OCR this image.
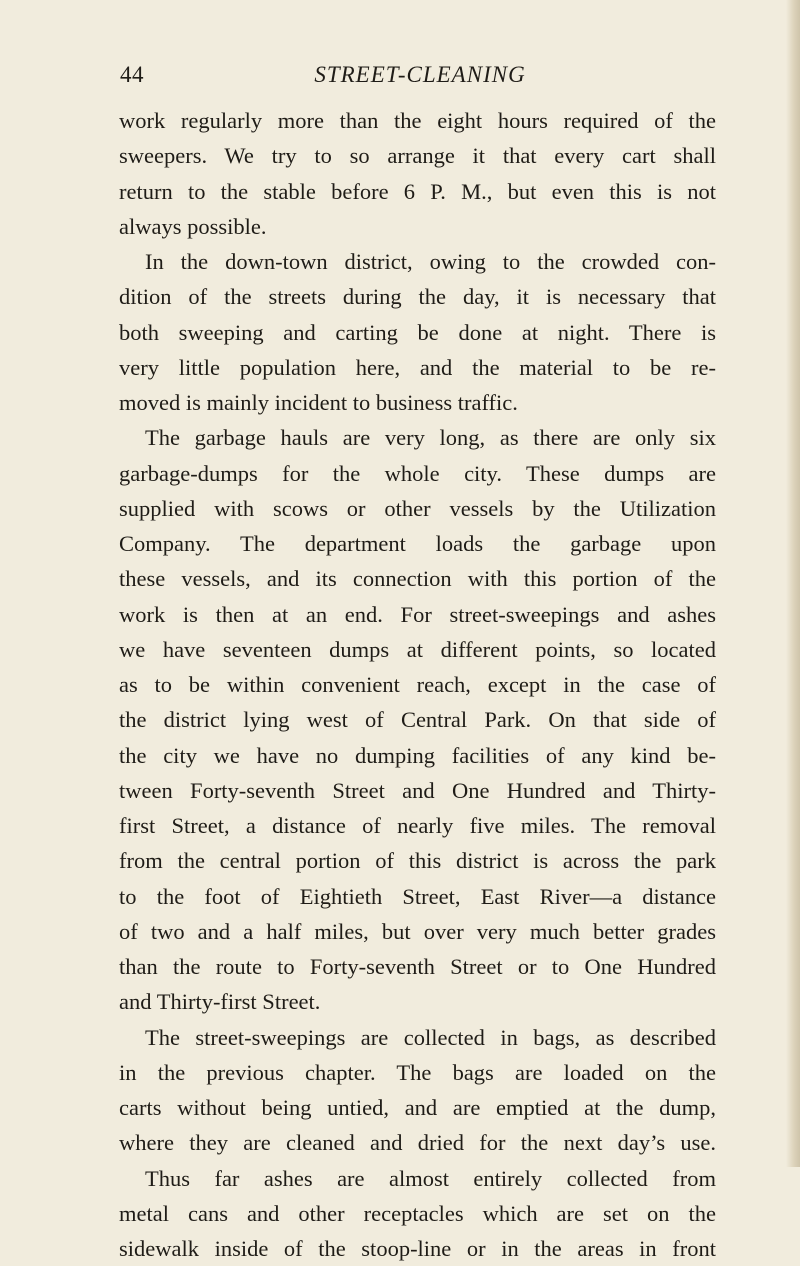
44	STREET-CLEANING
work regularly more than the eight hours required of the
sweepers. We try to so arrange it that every cart shall
return to the stable before 6 P. M., but even this is not
always possible.
In the down-town district, owing to the crowded con-
dition of the streets during the day, it is necessary that
both sweeping and carting be done at night. There is
very little population here, and the material to be re-
moved is mainly incident to business traffic.
The garbage hauls are very long, as there are only six
garbage-dumps for the whole city. These dumps are
supplied with scows or other vessels by the Utilization
Company. The department loads the garbage upon
these vessels, and its connection with this portion of the
work is then at an end. For street-sweepings and ashes
we have seventeen dumps at different points, so located
as to be within convenient reach, except in the case of
the district lying west of Central Park. On that side of
the city we have no dumping facilities of any kind be-
tween Forty-seventh Street and One Hundred and Thirty-
first Street, a distance of nearly five miles. The removal
from the central portion of this district is across the park
to the foot of Eightieth Street, East River—a distance
of two and a half miles, but over very much better grades
than the route to Forty-seventh Street or to One Hundred
and Thirty-first Street.
The street-sweepings are collected in bags, as described
in the previous chapter. The bags are loaded on the
carts without being untied, and are emptied at the dump,
where they are cleaned and dried for the next day’s use.
Thus far ashes are almost entirely collected from
metal cans and other receptacles which are set on the
sidewalk inside of the stoop-line or in the areas in front
